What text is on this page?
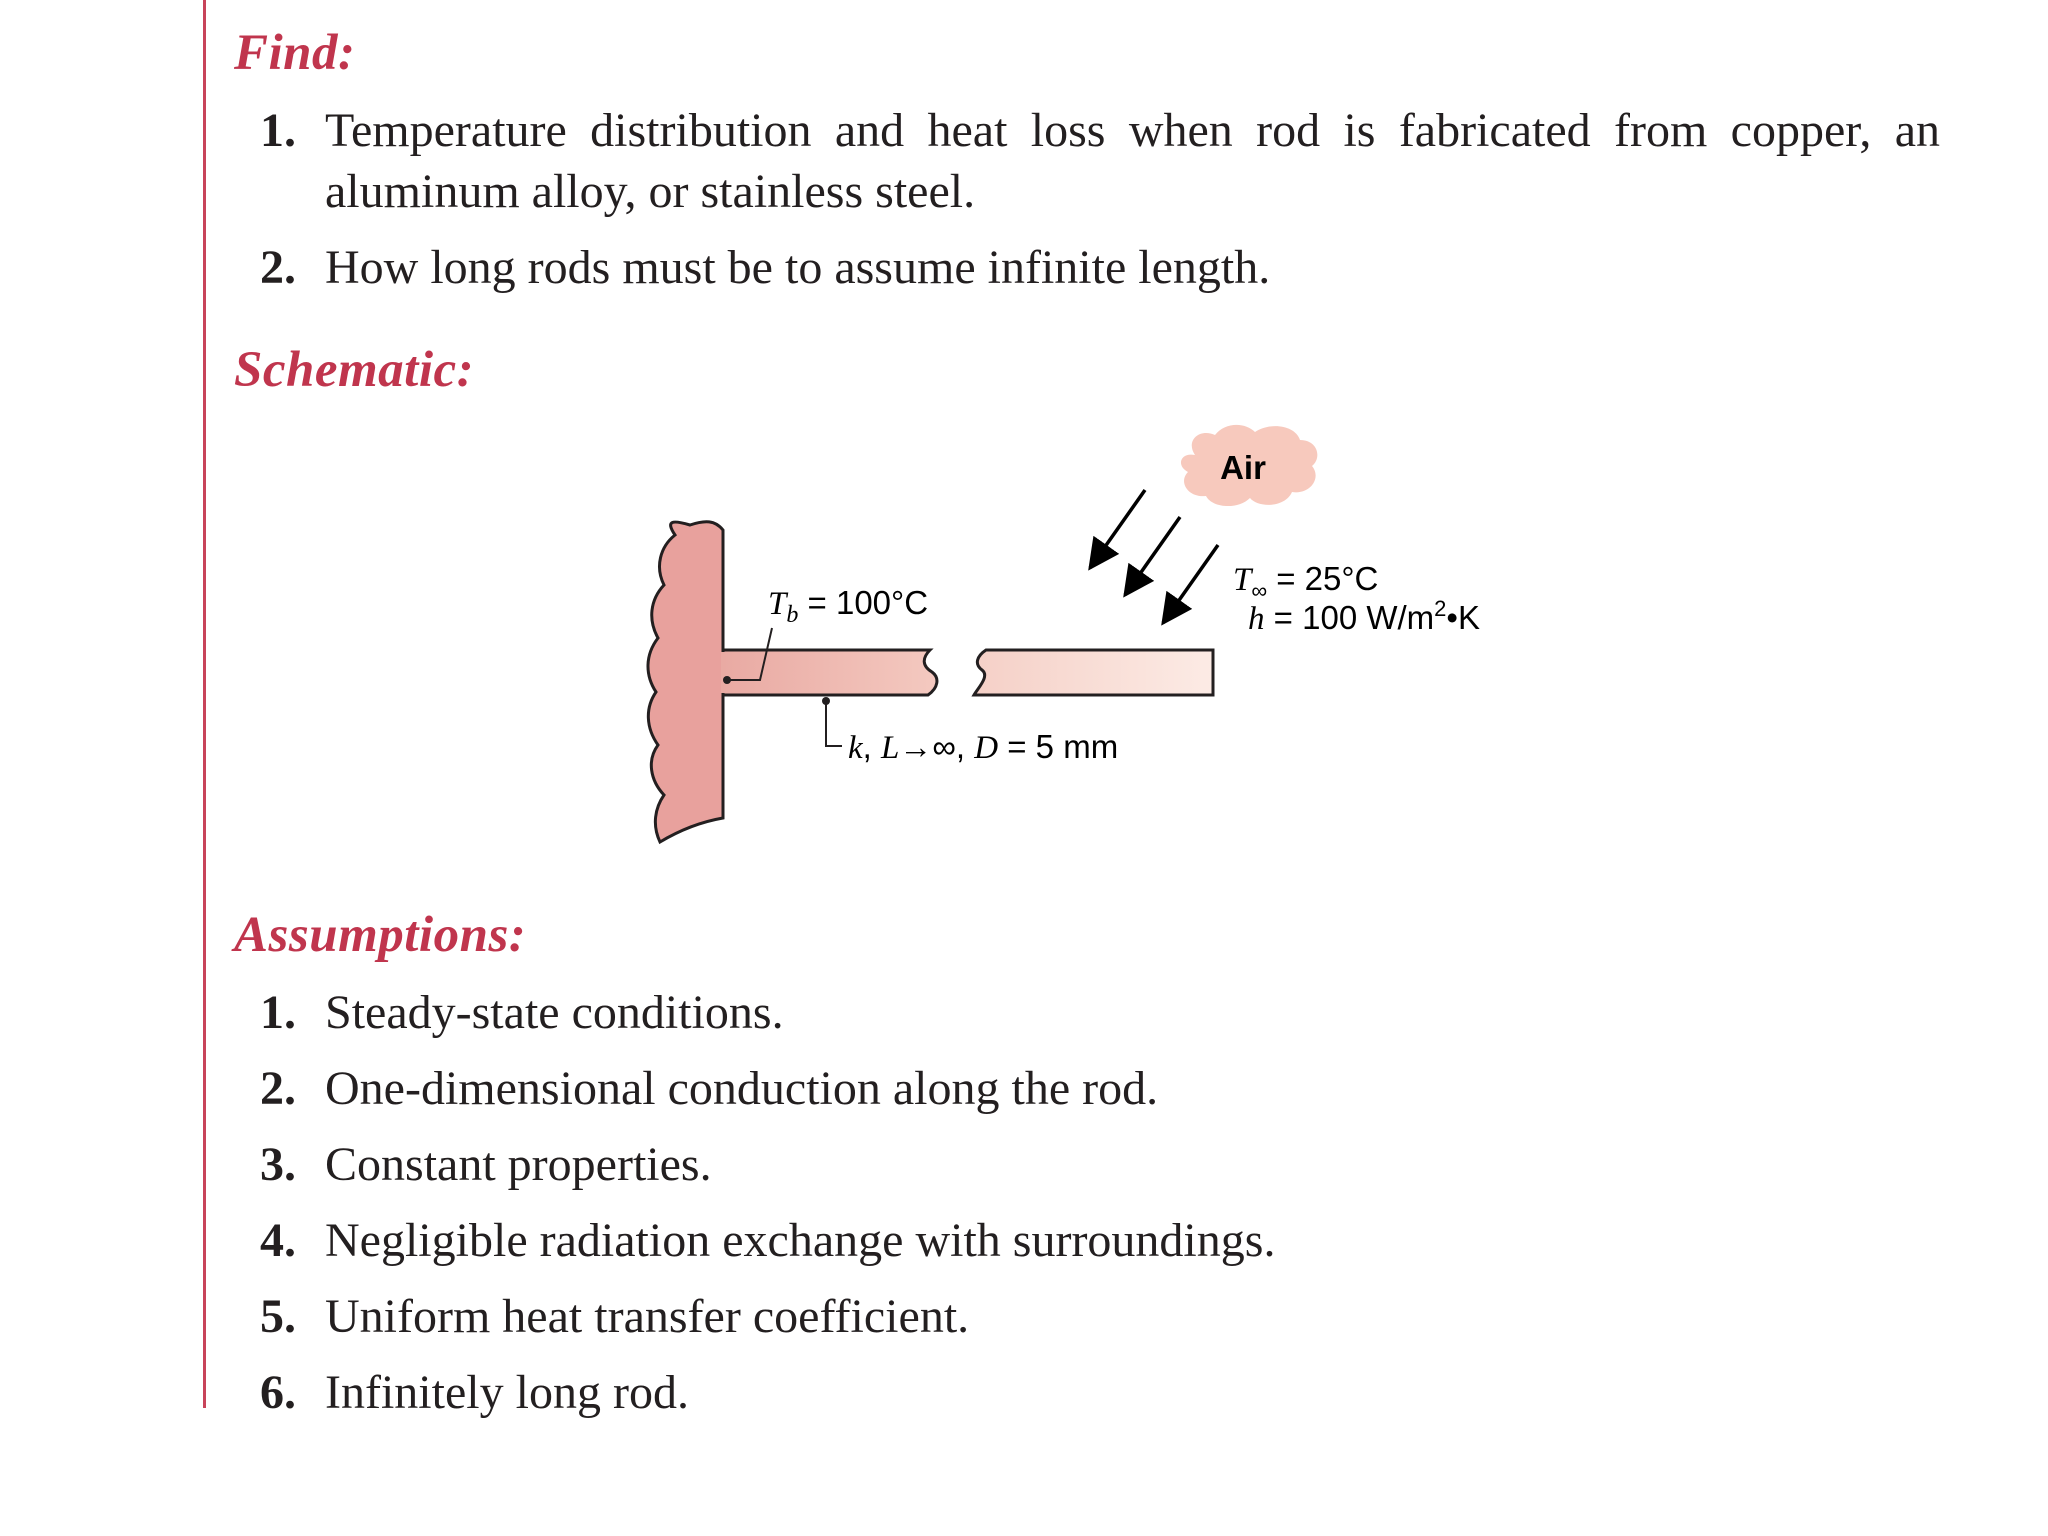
Find:
1. Temperature distribution and heat loss when rod is fabricated from copper, an aluminum alloy, or stainless steel.
2. How long rods must be to assume infinite length.
Schematic:
$T_b = 100^\circ C$
k, L→∞, D = 5 mm
Air
$T_\infty = 25^\circ C$
h = 100 $W/m^2•K$
Assumptions:
1. Steady-state conditions.
2. One-dimensional conduction along the rod.
3. Constant properties.
4. Negligible radiation exchange with surroundings.
5. Uniform heat transfer coefficient.
6. Infinitely long rod.
